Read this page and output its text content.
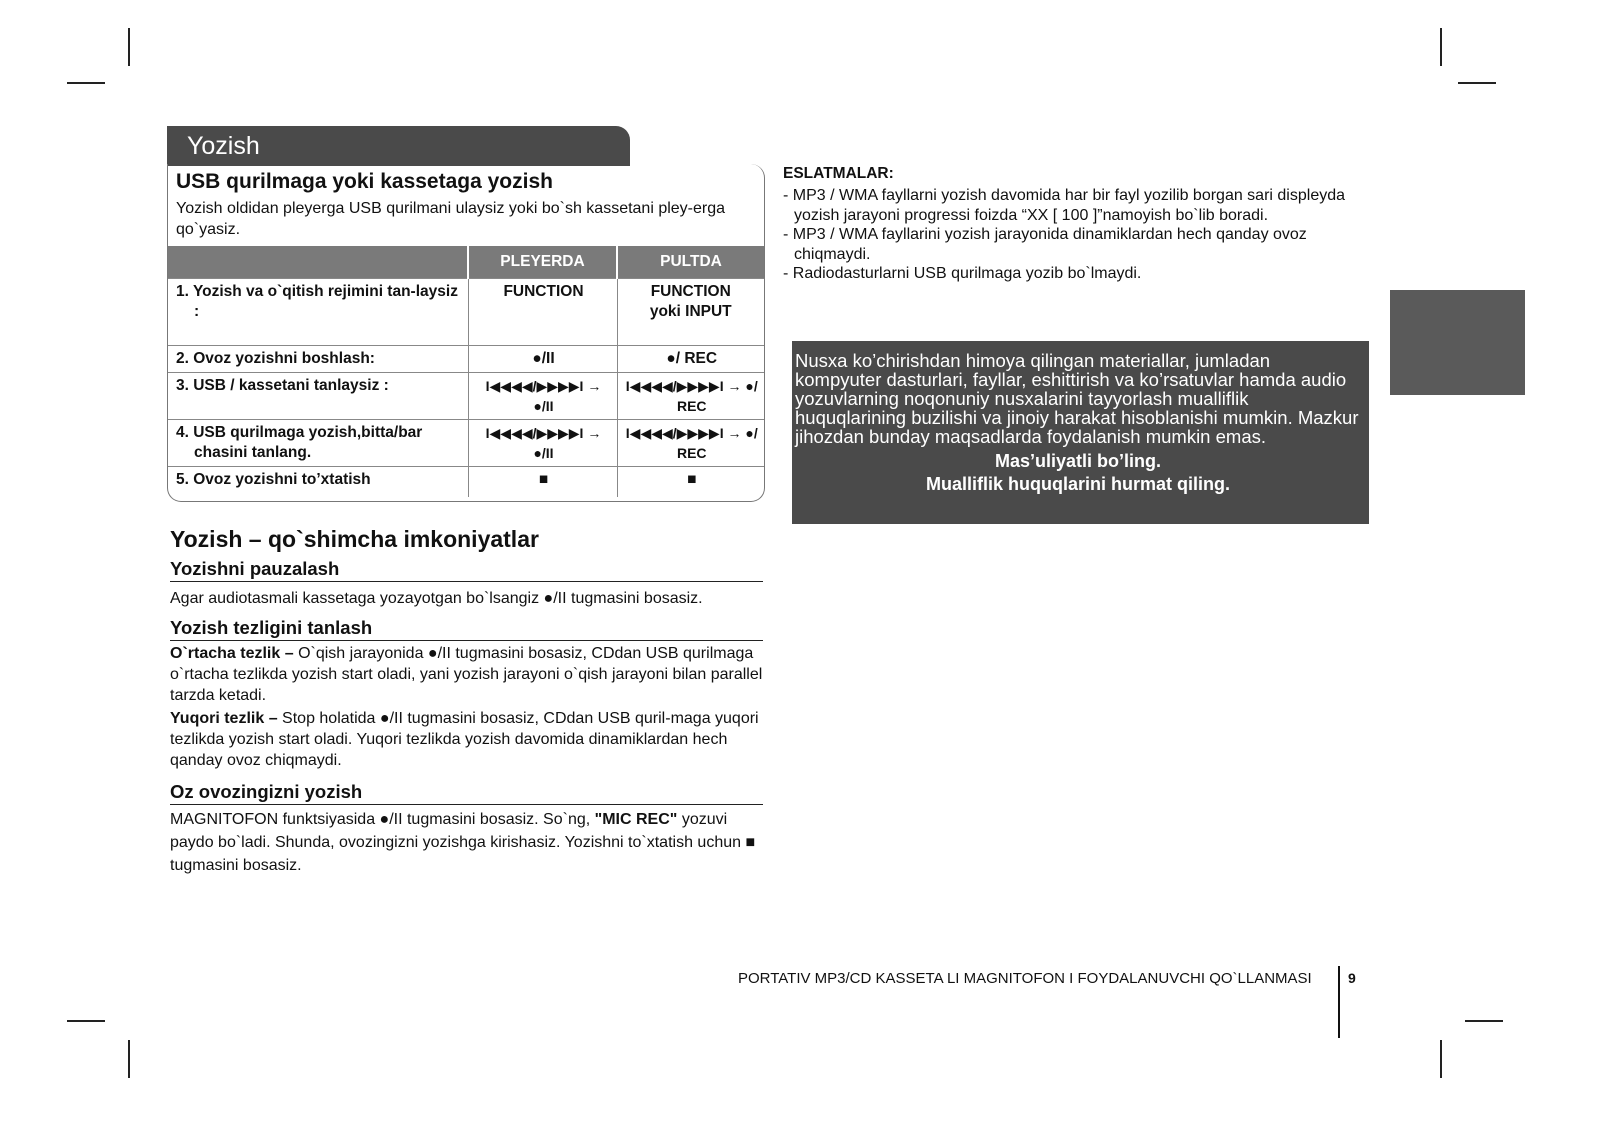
Yozish
USB qurilmaga yoki kassetaga yozish
Yozish oldidan pleyerga USB qurilmani ulaysiz yoki bo`sh kassetani pley-erga qo`yasiz.
	PLEYERDA	PULTDA
1. Yozish va o`qitish rejimini tan-laysiz :	FUNCTION	FUNCTION yoki INPUT
2. Ovoz yozishni boshlash:	●/II	●/ REC
3. USB / kassetani tanlaysiz :	I◀◀◀◀/▶▶▶▶I → ●/II	I◀◀◀◀/▶▶▶▶I → ●/ REC
4. USB qurilmaga yozish,bitta/bar chasini tanlang.	I◀◀◀◀/▶▶▶▶I → ●/II	I◀◀◀◀/▶▶▶▶I → ●/ REC
5. Ovoz yozishni to’xtatish	■	■
Yozish – qo`shimcha imkoniyatlar
Yozishni pauzalash
Agar audiotasmali kassetaga yozayotgan bo`lsangiz ●/II tugmasini bosasiz.
Yozish tezligini tanlash
O`rtacha tezlik – O`qish jarayonida ●/II tugmasini bosasiz, CDdan USB qurilmaga o`rtacha tezlikda yozish start oladi, yani yozish jarayoni o`qish jarayoni bilan parallel tarzda ketadi.
Yuqori tezlik – Stop holatida ●/II tugmasini bosasiz, CDdan USB quril-maga yuqori tezlikda yozish start oladi. Yuqori tezlikda yozish davomida dinamiklardan hech qanday ovoz chiqmaydi.
Oz ovozingizni yozish
MAGNITOFON funktsiyasida ●/II tugmasini bosasiz. So`ng, "MIC REC" yozuvi paydo bo`ladi. Shunda, ovozingizni yozishga kirishasiz. Yozishni to`xtatish uchun ■ tugmasini bosasiz.
ESLATMALAR:
- MP3 / WMA fayllarni yozish davomida har bir fayl yozilib borgan sari displeyda yozish jarayoni progressi foizda “XX [ 100 ]”namoyish bo`lib boradi.
- MP3 / WMA fayllarini yozish jarayonida dinamiklardan hech qanday ovoz chiqmaydi.
- Radiodasturlarni USB qurilmaga yozib bo`lmaydi.
Nusxa ko’chirishdan himoya qilingan materiallar, jumladan kompyuter dasturlari, fayllar, eshittirish va ko’rsatuvlar hamda audio yozuvlarning noqonuniy nusxalarini tayyorlash mualliflik huquqlarining buzilishi va jinoiy harakat hisoblanishi mumkin. Mazkur jihozdan bunday maqsadlarda foydalanish mumkin emas.
Mas’uliyatli bo’ling.
Mualliflik huquqlarini hurmat qiling.
PORTATIV MP3/CD KASSETA LI MAGNITOFON I FOYDALANUVCHI QO`LLANMASI	9
